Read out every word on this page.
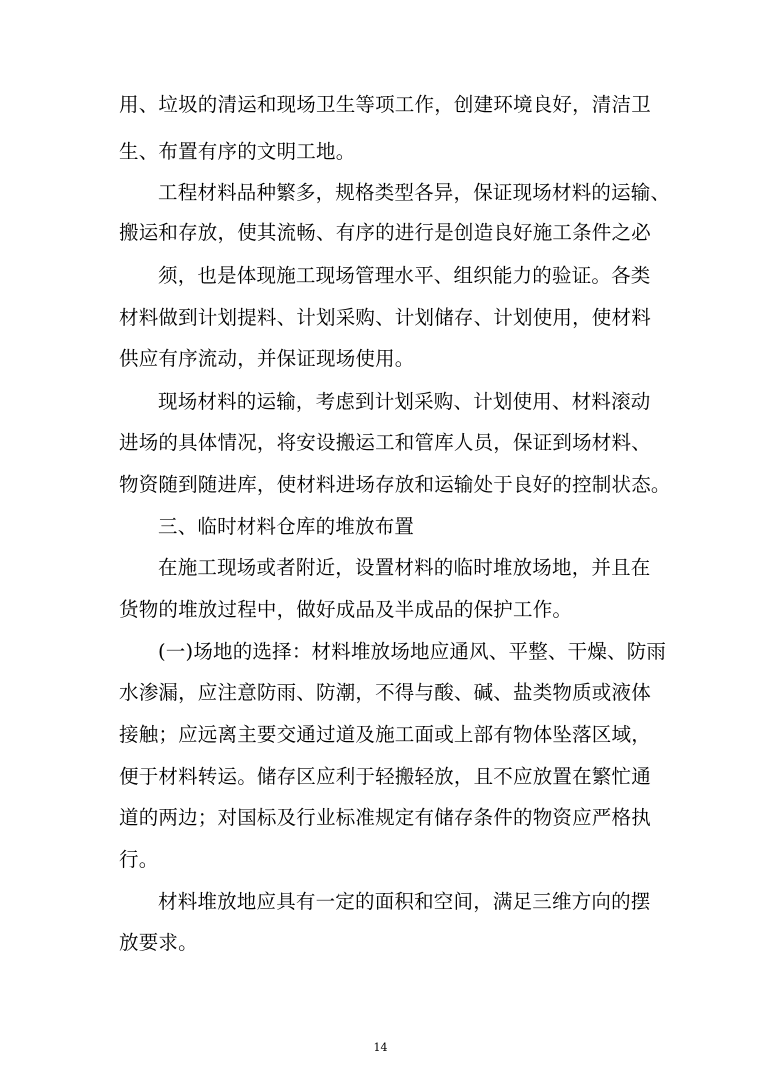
用、垃圾的清运和现场卫生等项工作，创建环境良好，清洁卫
生、布置有序的文明工地。
工程材料品种繁多，规格类型各异，保证现场材料的运输、
搬运和存放，使其流畅、有序的进行是创造良好施工条件之必
须，也是体现施工现场管理水平、组织能力的验证。各类
材料做到计划提料、计划采购、计划储存、计划使用，使材料
供应有序流动，并保证现场使用。
现场材料的运输，考虑到计划采购、计划使用、材料滚动
进场的具体情况，将安设搬运工和管库人员，保证到场材料、
物资随到随进库，使材料进场存放和运输处于良好的控制状态。
三、临时材料仓库的堆放布置
在施工现场或者附近，设置材料的临时堆放场地，并且在
货物的堆放过程中，做好成品及半成品的保护工作。
(一)场地的选择：材料堆放场地应通风、平整、干燥、防雨
水渗漏，应注意防雨、防潮，不得与酸、碱、盐类物质或液体
接触；应远离主要交通过道及施工面或上部有物体坠落区域，
便于材料转运。储存区应利于轻搬轻放，且不应放置在繁忙通
道的两边；对国标及行业标准规定有储存条件的物资应严格执
行。
材料堆放地应具有一定的面积和空间，满足三维方向的摆
放要求。
14
